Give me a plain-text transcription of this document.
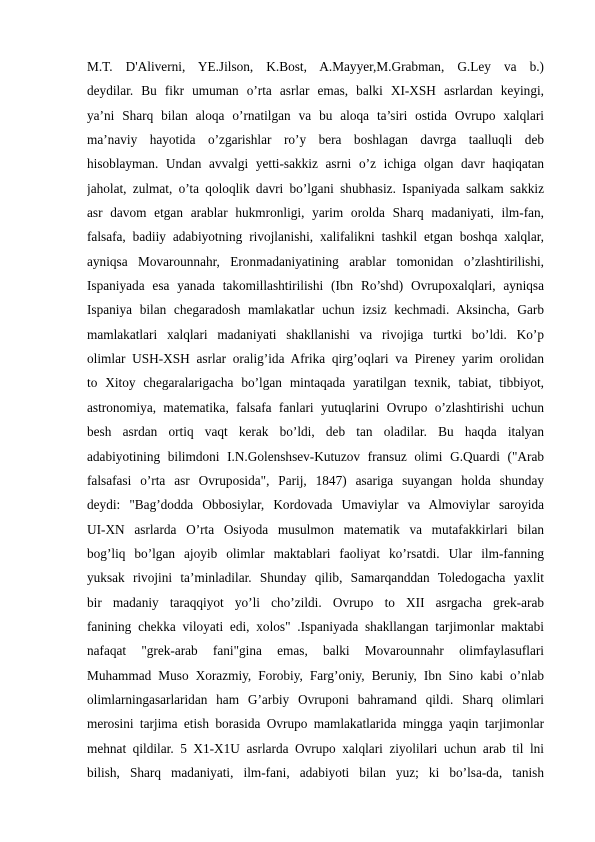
M.T. D'Aliverni, YE.Jilson, K.Bost, A.Mayyer,M.Grabman, G.Ley va b.)
deydilar. Bu fikr umuman o’rta asrlar emas, balki XI-XSH asrlardan keyingi,
ya’ni Sharq bilan aloqa o’rnatilgan va bu aloqa ta’siri ostida Ovrupo xalqlari
ma’naviy hayotida o’zgarishlar ro’y bera boshlagan davrga taalluqli deb
hisoblayman. Undan avvalgi yetti-sakkiz asrni o’z ichiga olgan davr haqiqatan
jaholat, zulmat, o’ta qoloqlik davri bo’lgani shubhasiz. Ispaniyada salkam sakkiz
asr davom etgan arablar hukmronligi, yarim orolda Sharq madaniyati, ilm-fan,
falsafa, badiiy adabiyotning rivojlanishi, xalifalikni tashkil etgan boshqa xalqlar,
ayniqsa Movarounnahr, Eronmadaniyatining arablar tomonidan o’zlashtirilishi,
Ispaniyada esa yanada takomillashtirilishi (Ibn Ro’shd) Ovrupoxalqlari, ayniqsa
Ispaniya bilan chegaradosh mamlakatlar uchun izsiz kechmadi. Aksincha, Garb
mamlakatlari xalqlari madaniyati shakllanishi va rivojiga turtki bo’ldi. Ko’p
olimlar USH-XSH asrlar oralig’ida Afrika qirg’oqlari va Pireney yarim orolidan
to Xitoy chegaralarigacha bo’lgan mintaqada yaratilgan texnik, tabiat, tibbiyot,
astronomiya, matematika, falsafa fanlari yutuqlarini Ovrupo o’zlashtirishi uchun
besh asrdan ortiq vaqt kerak bo’ldi, deb tan oladilar. Bu haqda italyan
adabiyotining bilimdoni I.N.Golenshsev-Kutuzov fransuz olimi G.Quardi ("Arab
falsafasi o’rta asr Ovruposida", Parij, 1847) asariga suyangan holda shunday
deydi: "Bag’dodda Obbosiylar, Kordovada Umaviylar va Almoviylar saroyida
UI-XN asrlarda O’rta Osiyoda musulmon matematik va mutafakkirlari bilan
bog’liq bo’lgan ajoyib olimlar maktablari faoliyat ko’rsatdi. Ular ilm-fanning
yuksak rivojini ta’minladilar. Shunday qilib, Samarqanddan Toledogacha yaxlit
bir madaniy taraqqiyot yo’li cho’zildi. Ovrupo to XII asrgacha grek-arab
fanining chekka viloyati edi, xolos" .Ispaniyada shakllangan tarjimonlar maktabi
nafaqat "grek-arab fani"gina emas, balki Movarounnahr olimfaylasuflari
Muhammad Muso Xorazmiy, Forobiy, Farg’oniy, Beruniy, Ibn Sino kabi o’nlab
olimlarningasarlaridan ham G’arbiy Ovruponi bahramand qildi. Sharq olimlari
merosini tarjima etish borasida Ovrupo mamlakatlarida mingga yaqin tarjimonlar
mehnat qildilar. 5 X1-X1U asrlarda Ovrupo xalqlari ziyolilari uchun arab til lni
bilish, Sharq madaniyati, ilm-fani, adabiyoti bilan yuz; ki bo’lsa-da, tanish
